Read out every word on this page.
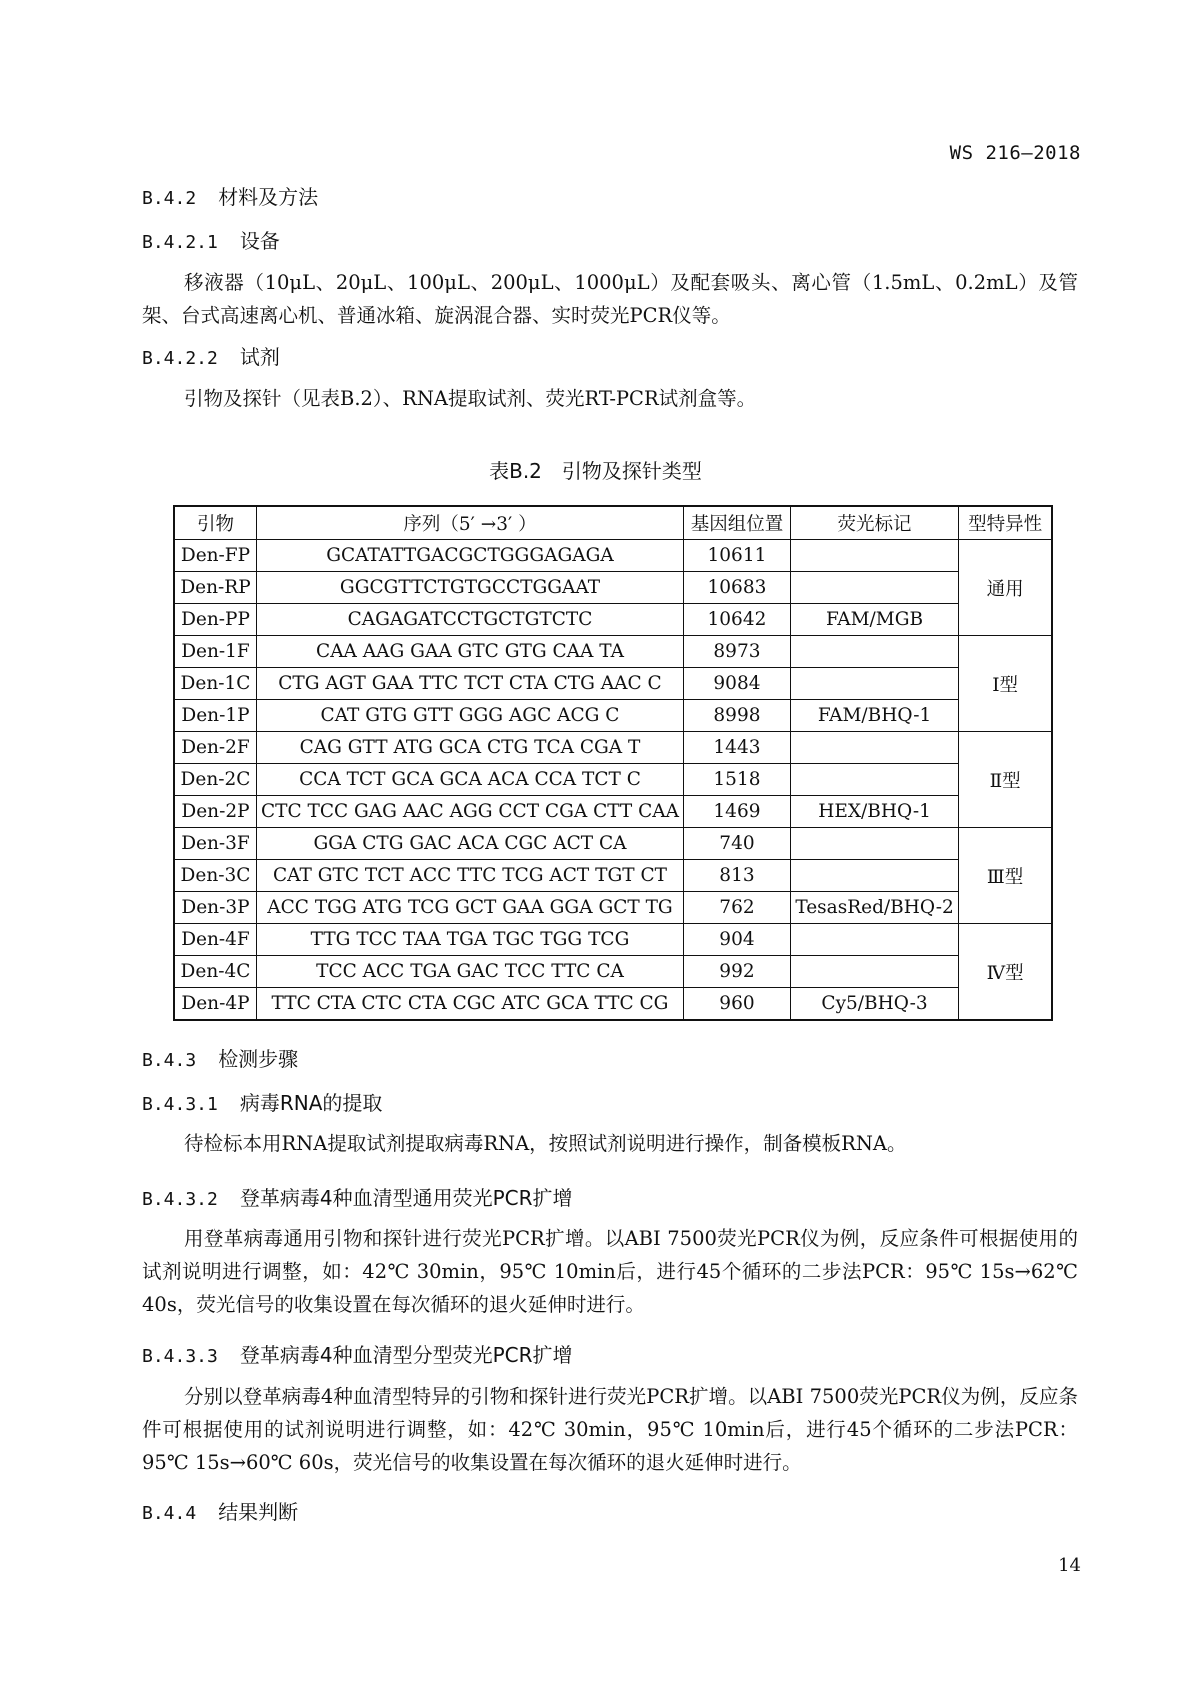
WS 216—2018
B.4.2 材料及方法
B.4.2.1 设备
移液器（10μL、20μL、100μL、200μL、1000μL）及配套吸头、离心管（1.5mL、0.2mL）及管架、台式高速离心机、普通冰箱、旋涡混合器、实时荧光PCR仪等。
B.4.2.2 试剂
引物及探针（见表B.2）、RNA提取试剂、荧光RT-PCR试剂盒等。
表B.2　引物及探针类型
引物	序列（5′ →3′ ）	基因组位置	荧光标记	型特异性
Den-FP	GCATATTGACGCTGGGAGAGA	10611		通用
Den-RP	GGCGTTCTGTGCCTGGAAT	10683		
Den-PP	CAGAGATCCTGCTGTCTC	10642	FAM/MGB	
Den-1F	CAA AAG GAA GTC GTG CAA TA	8973		Ⅰ型
Den-1C	CTG AGT GAA TTC TCT CTA CTG AAC C	9084		
Den-1P	CAT GTG GTT GGG AGC ACG C	8998	FAM/BHQ-1	
Den-2F	CAG GTT ATG GCA CTG TCA CGA T	1443		Ⅱ型
Den-2C	CCA TCT GCA GCA ACA CCA TCT C	1518		
Den-2P	CTC TCC GAG AAC AGG CCT CGA CTT CAA	1469	HEX/BHQ-1	
Den-3F	GGA CTG GAC ACA CGC ACT CA	740		Ⅲ型
Den-3C	CAT GTC TCT ACC TTC TCG ACT TGT CT	813		
Den-3P	ACC TGG ATG TCG GCT GAA GGA GCT TG	762	TesasRed/BHQ-2	
Den-4F	TTG TCC TAA TGA TGC TGG TCG	904		Ⅳ型
Den-4C	TCC ACC TGA GAC TCC TTC CA	992		
Den-4P	TTC CTA CTC CTA CGC ATC GCA TTC CG	960	Cy5/BHQ-3	
B.4.3 检测步骤
B.4.3.1 病毒RNA的提取
待检标本用RNA提取试剂提取病毒RNA，按照试剂说明进行操作，制备模板RNA。
B.4.3.2 登革病毒4种血清型通用荧光PCR扩增
用登革病毒通用引物和探针进行荧光PCR扩增。以ABI 7500荧光PCR仪为例，反应条件可根据使用的试剂说明进行调整，如：42℃ 30min，95℃ 10min后，进行45个循环的二步法PCR：95℃ 15s→62℃ 40s，荧光信号的收集设置在每次循环的退火延伸时进行。
B.4.3.3 登革病毒4种血清型分型荧光PCR扩增
分别以登革病毒4种血清型特异的引物和探针进行荧光PCR扩增。以ABI 7500荧光PCR仪为例，反应条件可根据使用的试剂说明进行调整，如：42℃ 30min，95℃ 10min后，进行45个循环的二步法PCR：95℃ 15s→60℃ 60s，荧光信号的收集设置在每次循环的退火延伸时进行。
B.4.4 结果判断
14
